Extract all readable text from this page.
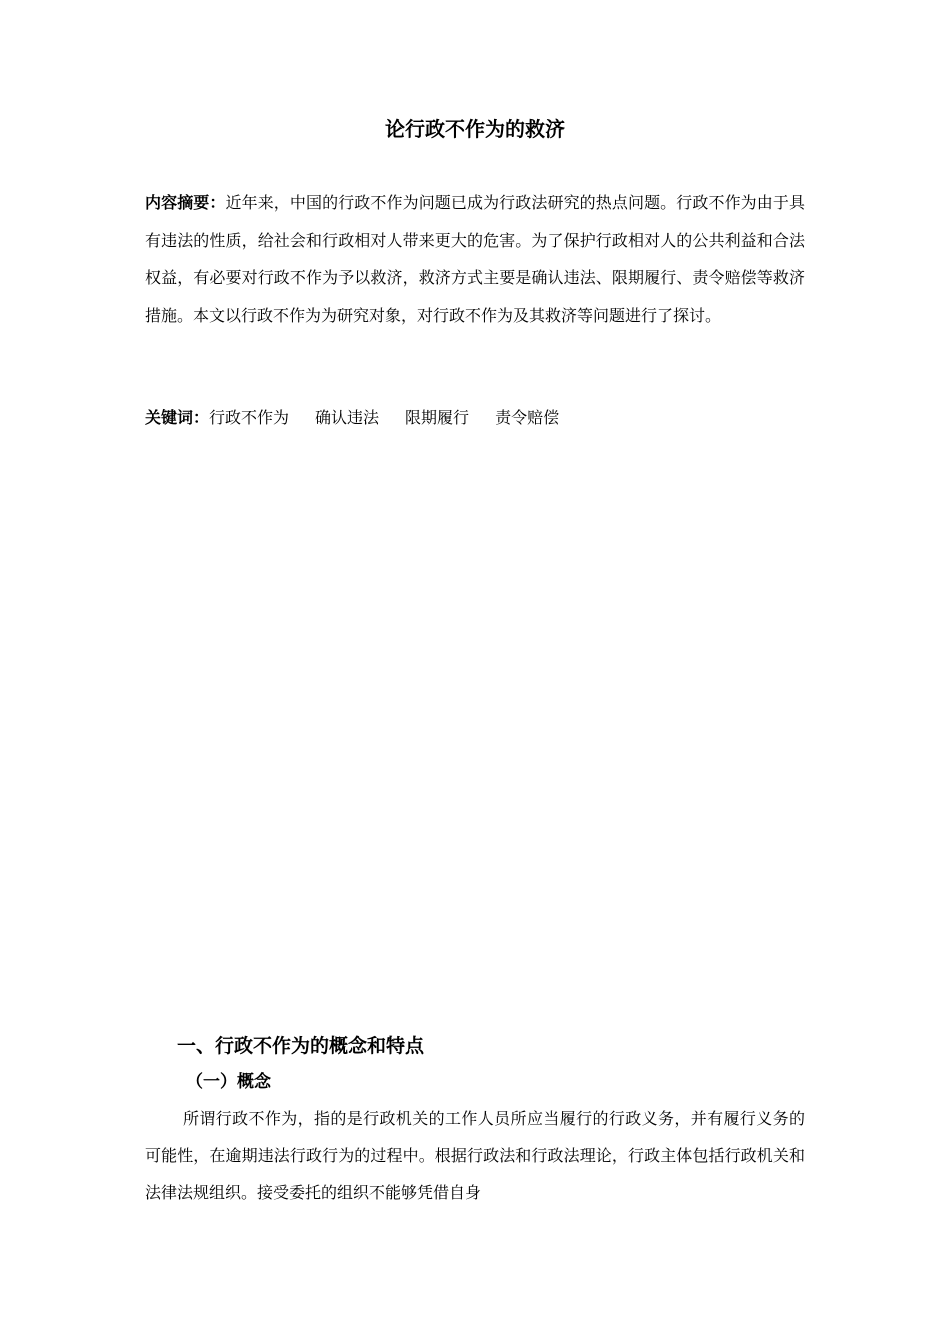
论行政不作为的救济

内容摘要：近年来，中国的行政不作为问题已成为行政法研究的热点问题。行政不作为由于具有违法的性质，给社会和行政相对人带来更大的危害。为了保护行政相对人的公共利益和合法权益，有必要对行政不作为予以救济，救济方式主要是确认违法、限期履行、责令赔偿等救济措施。本文以行政不作为为研究对象，对行政不作为及其救济等问题进行了探讨。

关键词：行政不作为 确认违法 限期履行 责令赔偿

一、行政不作为的概念和特点
（一）概念

所谓行政不作为，指的是行政机关的工作人员所应当履行的行政义务，并有履行义务的可能性，在逾期违法行政行为的过程中。根据行政法和行政法理论，行政主体包括行政机关和法律法规组织。接受委托的组织不能够凭借自身
